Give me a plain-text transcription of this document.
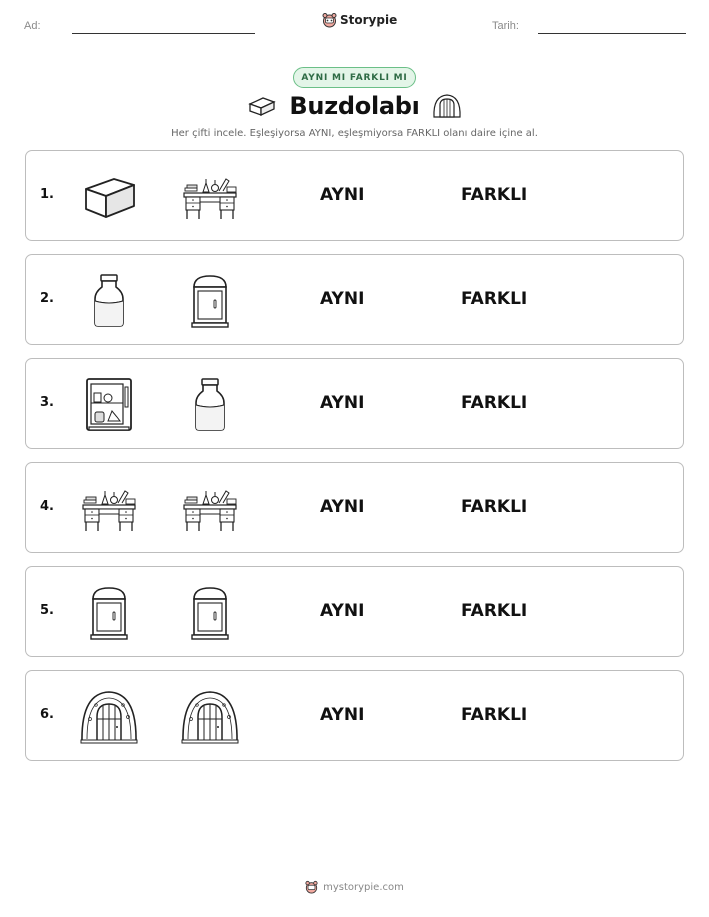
Ad:	Storypie	Tarih:
AYNI MI FARKLI MI
Buzdolabı
Her çifti incele. Eşleşiyorsa AYNI, eşleşmiyorsa FARKLI olanı daire içine al.
1.	AYNI	FARKLI
2.	AYNI	FARKLI
3.	AYNI	FARKLI
4.	AYNI	FARKLI
5.	AYNI	FARKLI
6.	AYNI	FARKLI
mystorypie.com
